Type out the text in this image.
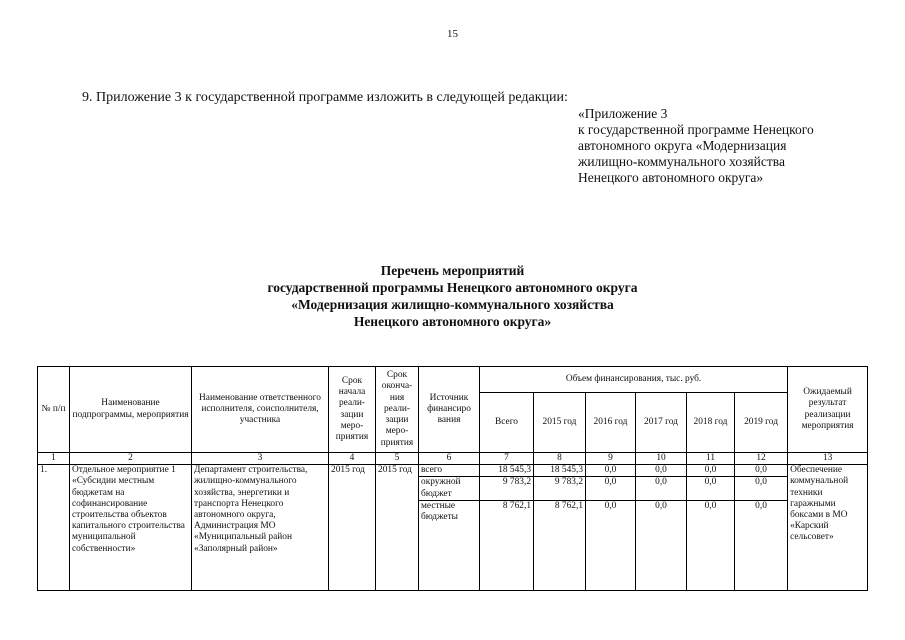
15
9. Приложение 3 к государственной программе изложить в следующей редакции:
«Приложение 3
к государственной программе Ненецкого
автономного округа «Модернизация
жилищно-коммунального хозяйства
Ненецкого автономного округа»
Перечень мероприятий
государственной программы Ненецкого автономного округа
«Модернизация жилищно-коммунального хозяйства
Ненецкого автономного округа»
№ п/п	Наименование подпрограммы, мероприятия	Наименование ответственного исполнителя, соисполнителя, участника	Срок начала реали-зации меро-приятия	Срок оконча-ния реали-зации меро-приятия	Источник финансиро вания	Объем финансирования, тыс. руб.						Ожидаемый результат реализации мероприятия
						Всего	2015 год	2016 год	2017 год	2018 год	2019 год	
1	2	3	4	5	6	7	8	9	10	11	12	13
1.	Отдельное мероприятие 1 «Субсидии местным бюджетам на софинансирование строительства объектов капитального строительства муниципальной собственности»	Департамент строительства, жилищно-коммунального хозяйства, энергетики и транспорта Ненецкого автономного округа, Администрация МО «Муниципальный район «Заполярный район»	2015 год	2015 год	всего	18 545,3	18 545,3	0,0	0,0	0,0	0,0	Обеспечение коммунальной техники гаражными боксами в МО «Карский сельсовет»
					окружной бюджет	9 783,2	9 783,2	0,0	0,0	0,0	0,0	
					местные бюджеты	8 762,1	8 762,1	0,0	0,0	0,0	0,0	
